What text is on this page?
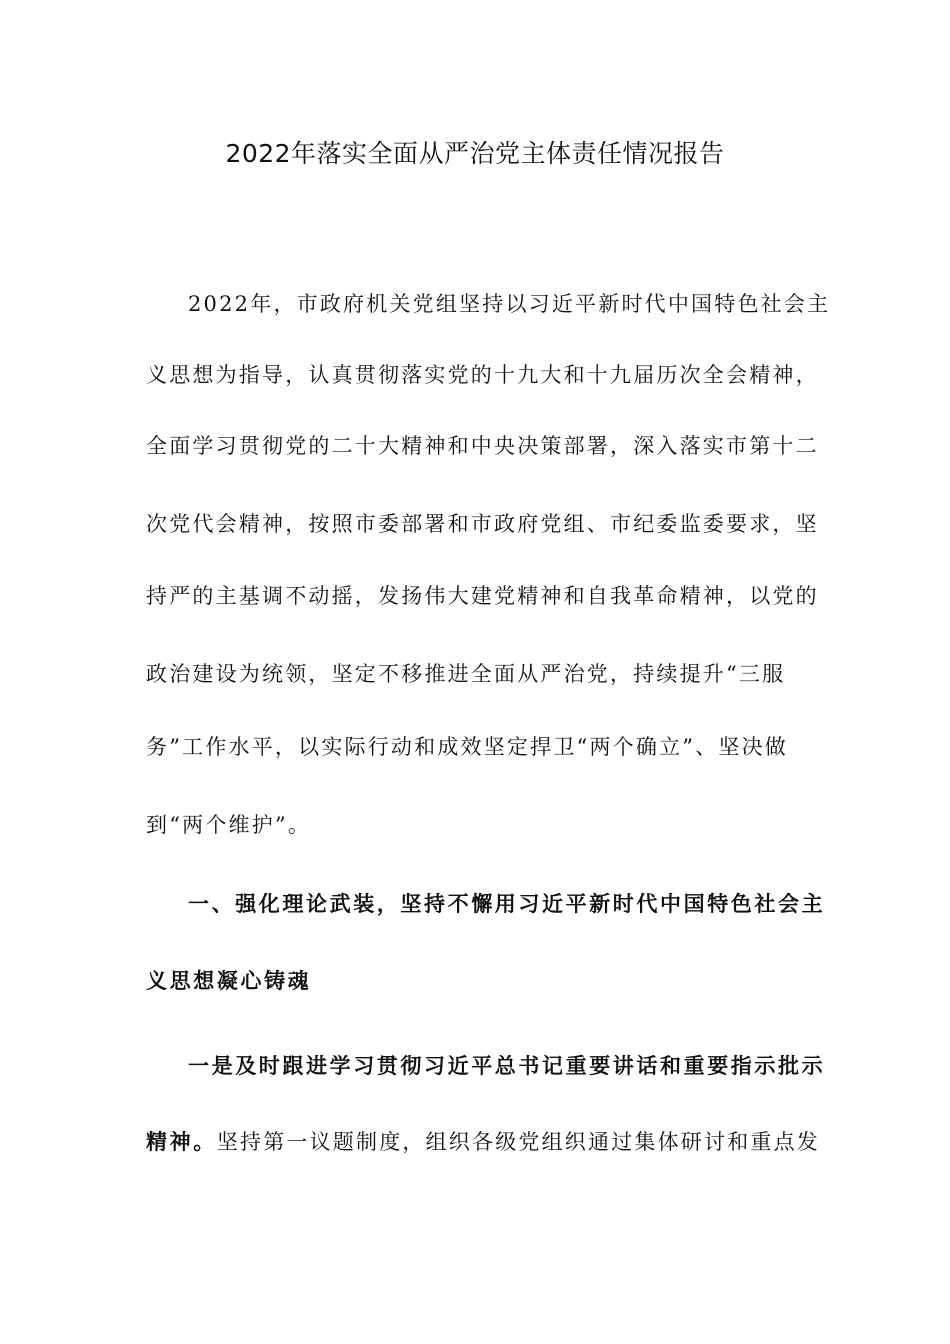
2022年落实全面从严治党主体责任情况报告
2022年，市政府机关党组坚持以习近平新时代中国特色社会主
义思想为指导，认真贯彻落实党的十九大和十九届历次全会精神，
全面学习贯彻党的二十大精神和中央决策部署，深入落实市第十二
次党代会精神，按照市委部署和市政府党组、市纪委监委要求，坚
持严的主基调不动摇，发扬伟大建党精神和自我革命精神，以党的
政治建设为统领，坚定不移推进全面从严治党，持续提升“三服
务”工作水平，以实际行动和成效坚定捍卫“两个确立”、坚决做
到“两个维护”。
一、强化理论武装，坚持不懈用习近平新时代中国特色社会主
义思想凝心铸魂
一是及时跟进学习贯彻习近平总书记重要讲话和重要指示批示
精神。坚持第一议题制度，组织各级党组织通过集体研讨和重点发
